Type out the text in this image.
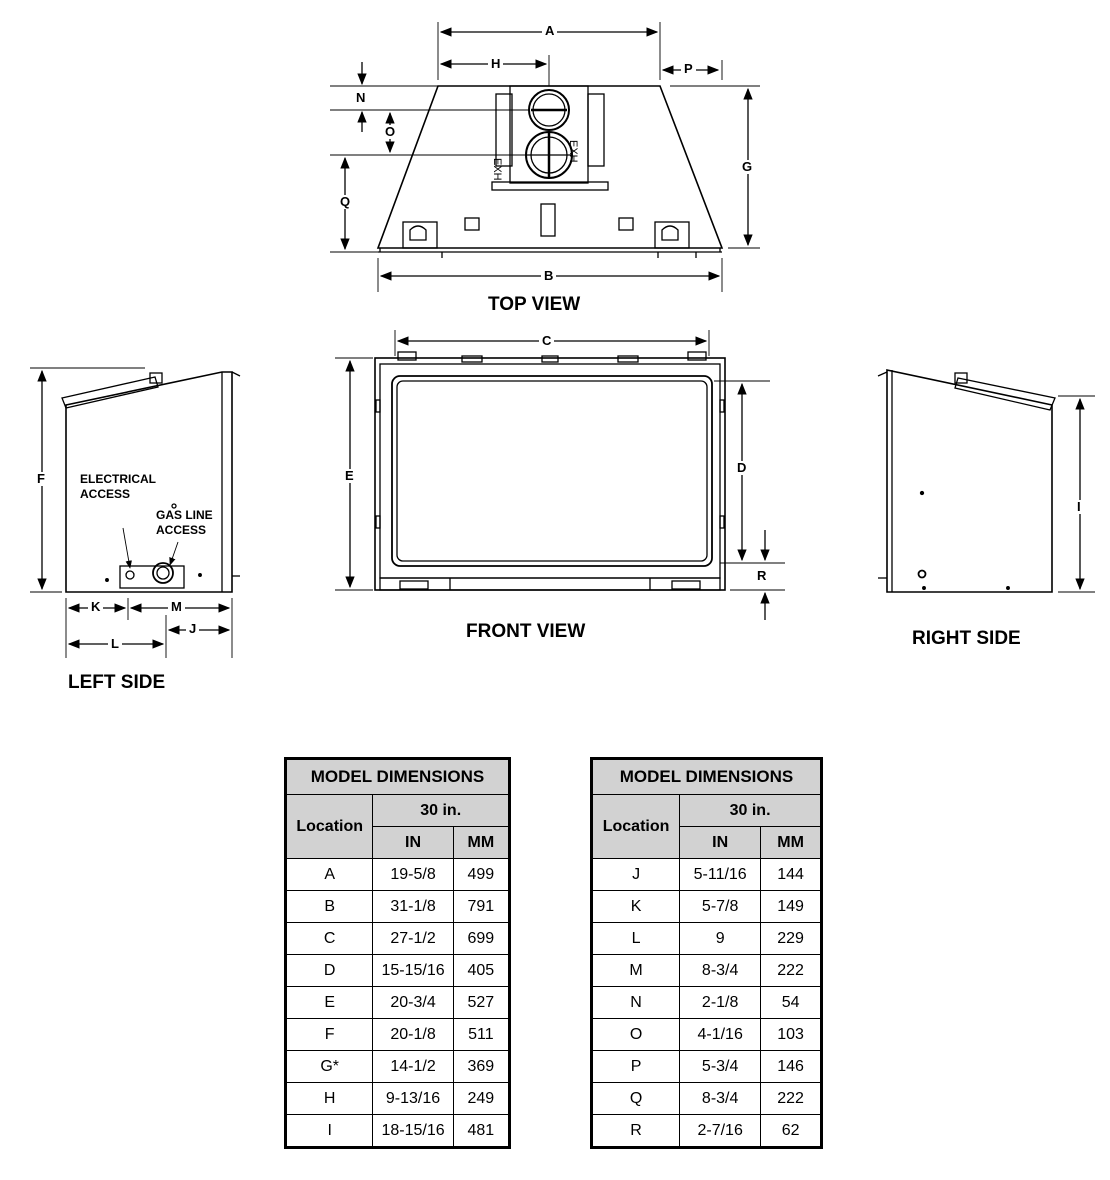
A
B
C
D
E
F
G
H
I
J
K
L
M
N
O
P
Q
R
ELECTRICAL ACCESS
GAS LINE ACCESS
EXH
EXH
TOP VIEW
FRONT VIEW
LEFT SIDE
RIGHT SIDE
MODEL DIMENSIONS		
Location	30 in.	
	IN	MM
A	19-5/8	499
B	31-1/8	791
C	27-1/2	699
D	15-15/16	405
E	20-3/4	527
F	20-1/8	511
G*	14-1/2	369
H	9-13/16	249
I	18-15/16	481
MODEL DIMENSIONS		
Location	30 in.	
	IN	MM
J	5-11/16	144
K	5-7/8	149
L	9	229
M	8-3/4	222
N	2-1/8	54
O	4-1/16	103
P	5-3/4	146
Q	8-3/4	222
R	2-7/16	62
